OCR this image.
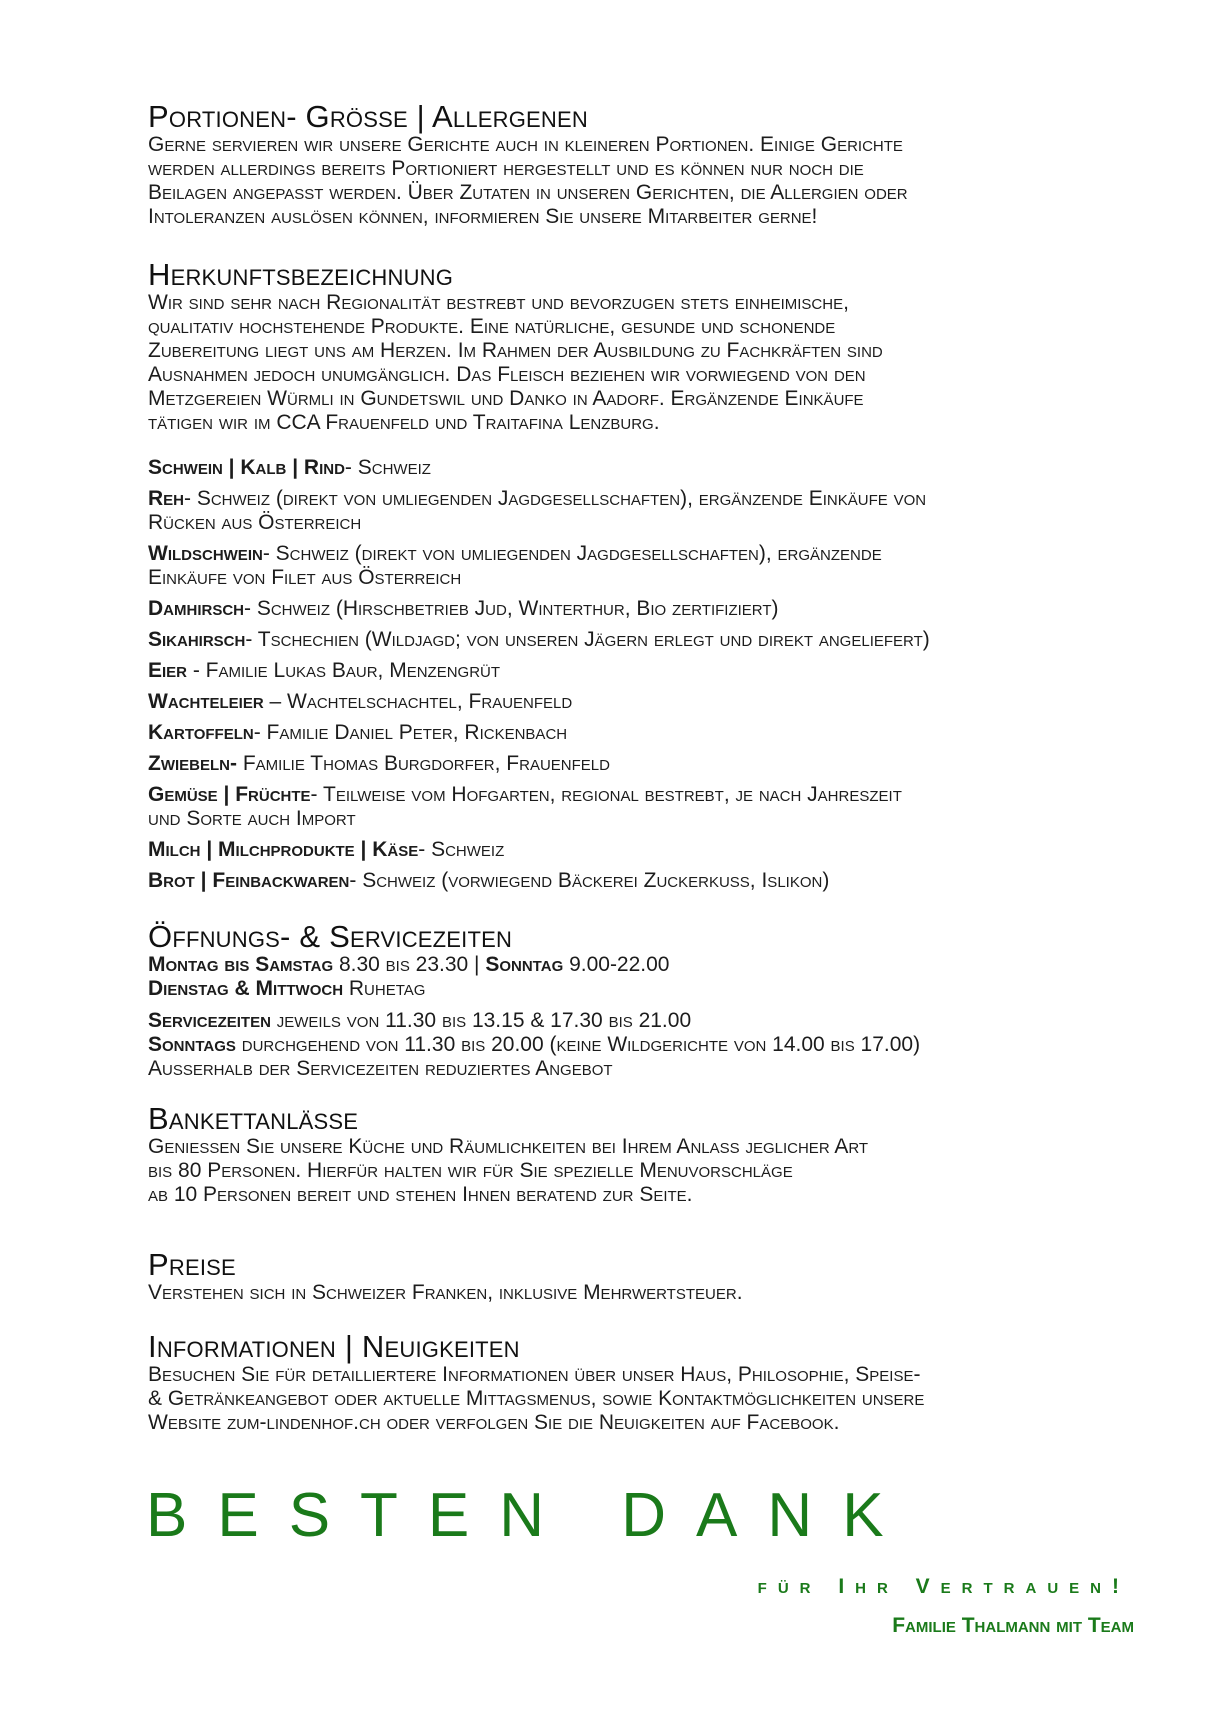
Portionen- Grösse | Allergenen

Gerne servieren wir unsere Gerichte auch in kleineren Portionen. Einige Gerichte

werden allerdings bereits Portioniert hergestellt und es können nur noch die

Beilagen angepasst werden. Über Zutaten in unseren Gerichten, die Allergien oder

Intoleranzen auslösen können, informieren Sie unsere Mitarbeiter gerne!

Herkunftsbezeichnung

Wir sind sehr nach Regionalität bestrebt und bevorzugen stets einheimische,

qualitativ hochstehende Produkte. Eine natürliche, gesunde und schonende

Zubereitung liegt uns am Herzen. Im Rahmen der Ausbildung zu Fachkräften sind

Ausnahmen jedoch unumgänglich. Das Fleisch beziehen wir vorwiegend von den

Metzgereien Würmli in Gundetswil und Danko in Aadorf. Ergänzende Einkäufe

tätigen wir im CCA Frauenfeld und Traitafina Lenzburg.

Schwein | Kalb | Rind- Schweiz
Reh- Schweiz (direkt von umliegenden Jagdgesellschaften), ergänzende Einkäufe von
Rücken aus Österreich
Wildschwein- Schweiz (direkt von umliegenden Jagdgesellschaften), ergänzende
Einkäufe von Filet aus Österreich
Damhirsch- Schweiz (Hirschbetrieb Jud, Winterthur, Bio zertifiziert)
Sikahirsch- Tschechien (Wildjagd; von unseren Jägern erlegt und direkt angeliefert)
Eier - Familie Lukas Baur, Menzengrüt
Wachteleier – Wachtelschachtel, Frauenfeld
Kartoffeln- Familie Daniel Peter, Rickenbach
Zwiebeln- Familie Thomas Burgdorfer, Frauenfeld
Gemüse | Früchte- Teilweise vom Hofgarten, regional bestrebt, je nach Jahreszeit
und Sorte auch Import
Milch | Milchprodukte | Käse- Schweiz
Brot | Feinbackwaren- Schweiz (vorwiegend Bäckerei Zuckerkuss, Islikon)
Öffnungs- & Servicezeiten

Montag bis Samstag 8.30 bis 23.30 | Sonntag 9.00-22.00

Dienstag & Mittwoch Ruhetag

Servicezeiten jeweils von 11.30 bis 13.15 & 17.30 bis 21.00

Sonntags durchgehend von 11.30 bis 20.00 (keine Wildgerichte von 14.00 bis 17.00)

Ausserhalb der Servicezeiten reduziertes Angebot

Bankettanlässe

Geniessen Sie unsere Küche und Räumlichkeiten bei Ihrem Anlass jeglicher Art

bis 80 Personen. Hierfür halten wir für Sie spezielle Menuvorschläge

ab 10 Personen bereit und stehen Ihnen beratend zur Seite.

Preise

Verstehen sich in Schweizer Franken, inklusive Mehrwertsteuer.

Informationen | Neuigkeiten

Besuchen Sie für detailliertere Informationen über unser Haus, Philosophie, Speise-

& Getränkeangebot oder aktuelle Mittagsmenus, sowie Kontaktmöglichkeiten unsere

Website zum-lindenhof.ch oder verfolgen Sie die Neuigkeiten auf Facebook.

BESTEN DANK
für Ihr Vertrauen!
Familie Thalmann mit Team
